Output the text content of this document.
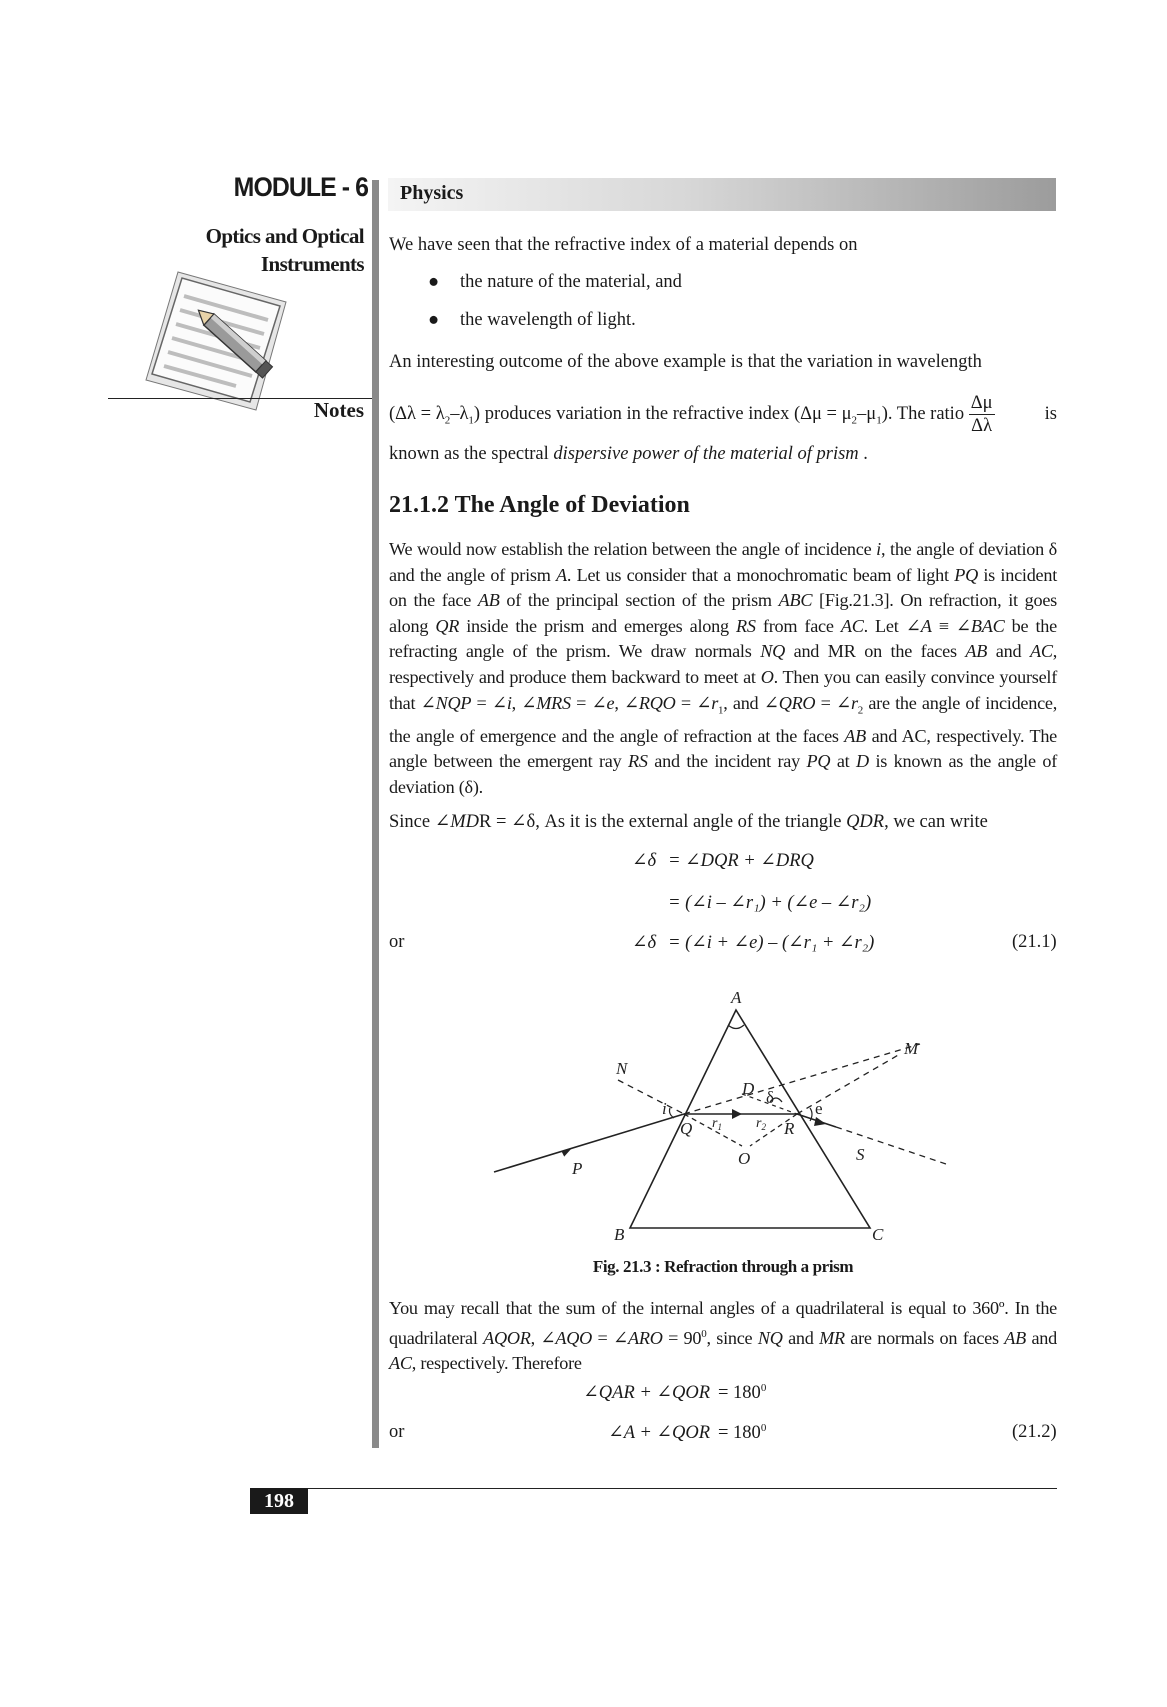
MODULE - 6
Optics and Optical
Instruments
Notes
Physics
We have seen that the refractive index of a material depends on
● the nature of the material, and
● the wavelength of light.
An interesting outcome of the above example is that the variation in wavelength
$(\Delta\lambda = \lambda_2-\lambda_1)$ produces variation in the refractive index $(\Delta\mu = \mu_2-\mu_1)$. The ratio $\frac{\Delta\mu}{\Delta\lambda}$	is
known as the spectral dispersive power of the material of prism .
21.1.2 The Angle of Deviation
We would now establish the relation between the angle of incidence i, the angle of deviation δ and the angle of prism A. Let us consider that a monochromatic beam of light PQ is incident on the face AB of the principal section of the prism ABC [Fig.21.3]. On refraction, it goes along QR inside the prism and emerges along RS from face AC. Let ∠A ≡ ∠BAC be the refracting angle of the prism. We draw normals NQ and MR on the faces AB and AC, respectively and produce them backward to meet at O. Then you can easily convince yourself that ∠NQP = ∠i, ∠MRS = ∠e, ∠RQO = $\angle r_1$, and ∠QRO = $\angle r_2$ are the angle of incidence, the angle of emergence and the angle of refraction at the faces AB and AC, respectively. The angle between the emergent ray RS and the incident ray PQ at D is known as the angle of deviation (δ).
Since ∠MDR = ∠δ, As it is the external angle of the triangle QDR, we can write
∠δ = ∠DQR + ∠DRQ
= (∠i – ∠r₁) + (∠e – ∠r₂)
or	∠δ = (∠i + ∠e) – (∠r₁ + ∠r₂)	(21.1)
A
B	C
N
M
D δ
i
Q $r_1$ $r_2$ R
e
O
P
S
Fig. 21.3 : Refraction through a prism
You may recall that the sum of the internal angles of a quadrilateral is equal to 360º. In the quadrilateral AQOR, ∠AQO = ∠ARO = $90^0$, since NQ and MR are normals on faces AB and AC, respectively. Therefore
∠QAR + ∠QOR = $180^0$
or	∠A + ∠QOR = $180^0$	(21.2)
198
